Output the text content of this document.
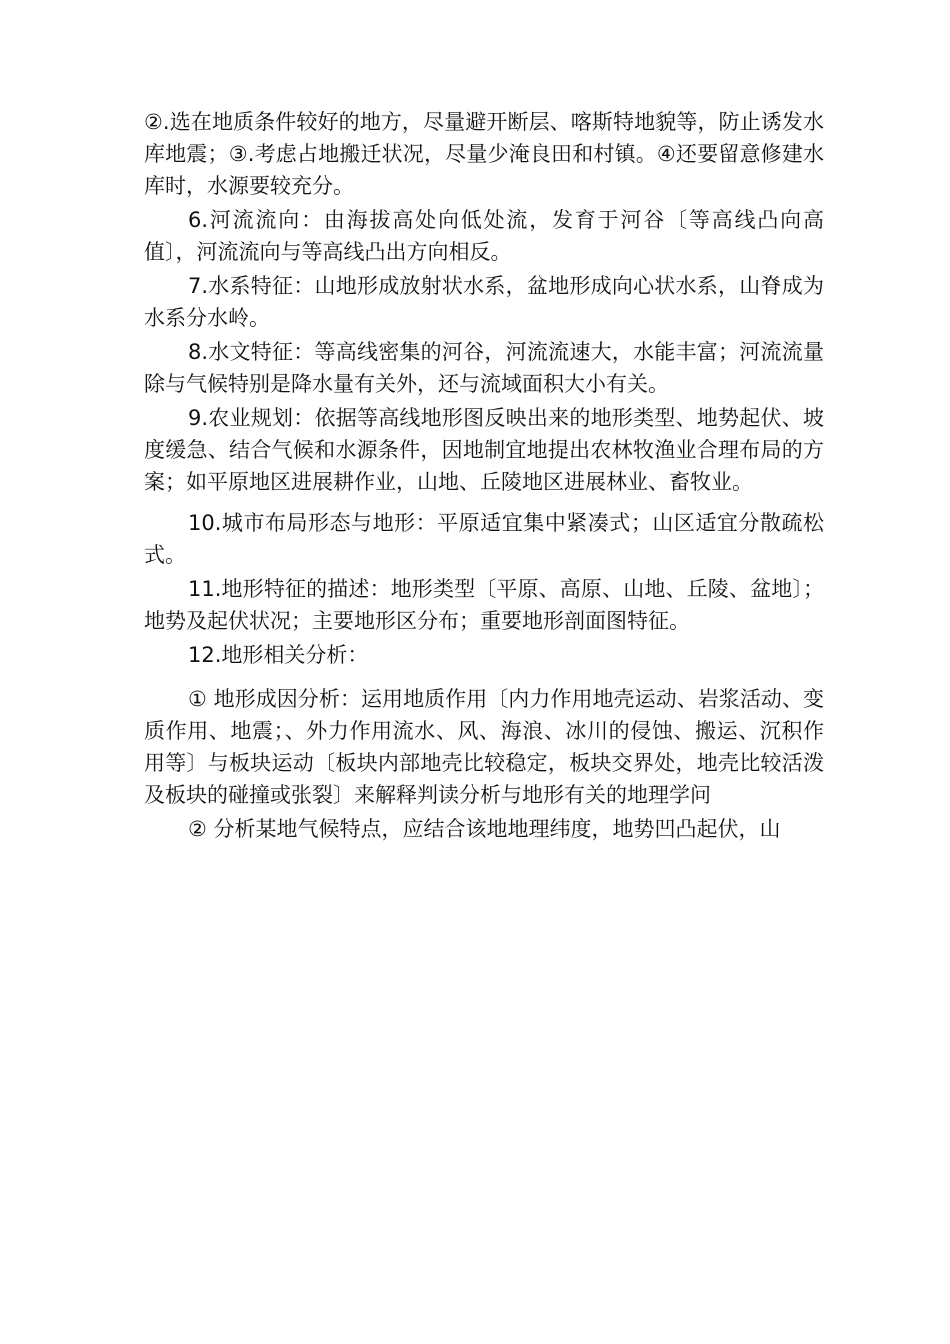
②.选在地质条件较好的地方，尽量避开断层、喀斯特地貌等，防止诱发水库地震；③.考虑占地搬迁状况，尽量少淹良田和村镇。④还要留意修建水库时，水源要较充分。

6.河流流向：由海拔高处向低处流，发育于河谷〔等高线凸向高值〕，河流流向与等高线凸出方向相反。

7.水系特征：山地形成放射状水系，盆地形成向心状水系，山脊成为水系分水岭。

8.水文特征：等高线密集的河谷，河流流速大，水能丰富；河流流量除与气候特别是降水量有关外，还与流域面积大小有关。

9.农业规划：依据等高线地形图反映出来的地形类型、地势起伏、坡度缓急、结合气候和水源条件，因地制宜地提出农林牧渔业合理布局的方案；如平原地区进展耕作业，山地、丘陵地区进展林业、畜牧业。

10.城市布局形态与地形：平原适宜集中紧凑式；山区适宜分散疏松式。

11.地形特征的描述：地形类型〔平原、高原、山地、丘陵、盆地〕；地势及起伏状况；主要地形区分布；重要地形剖面图特征。

12.地形相关分析：

① 地形成因分析：运用地质作用〔内力作用地壳运动、岩浆活动、变质作用、地震；、外力作用流水、风、海浪、冰川的侵蚀、搬运、沉积作用等〕与板块运动〔板块内部地壳比较稳定，板块交界处，地壳比较活泼及板块的碰撞或张裂〕来解释判读分析与地形有关的地理学问

② 分析某地气候特点，应结合该地地理纬度，地势凹凸起伏，山
